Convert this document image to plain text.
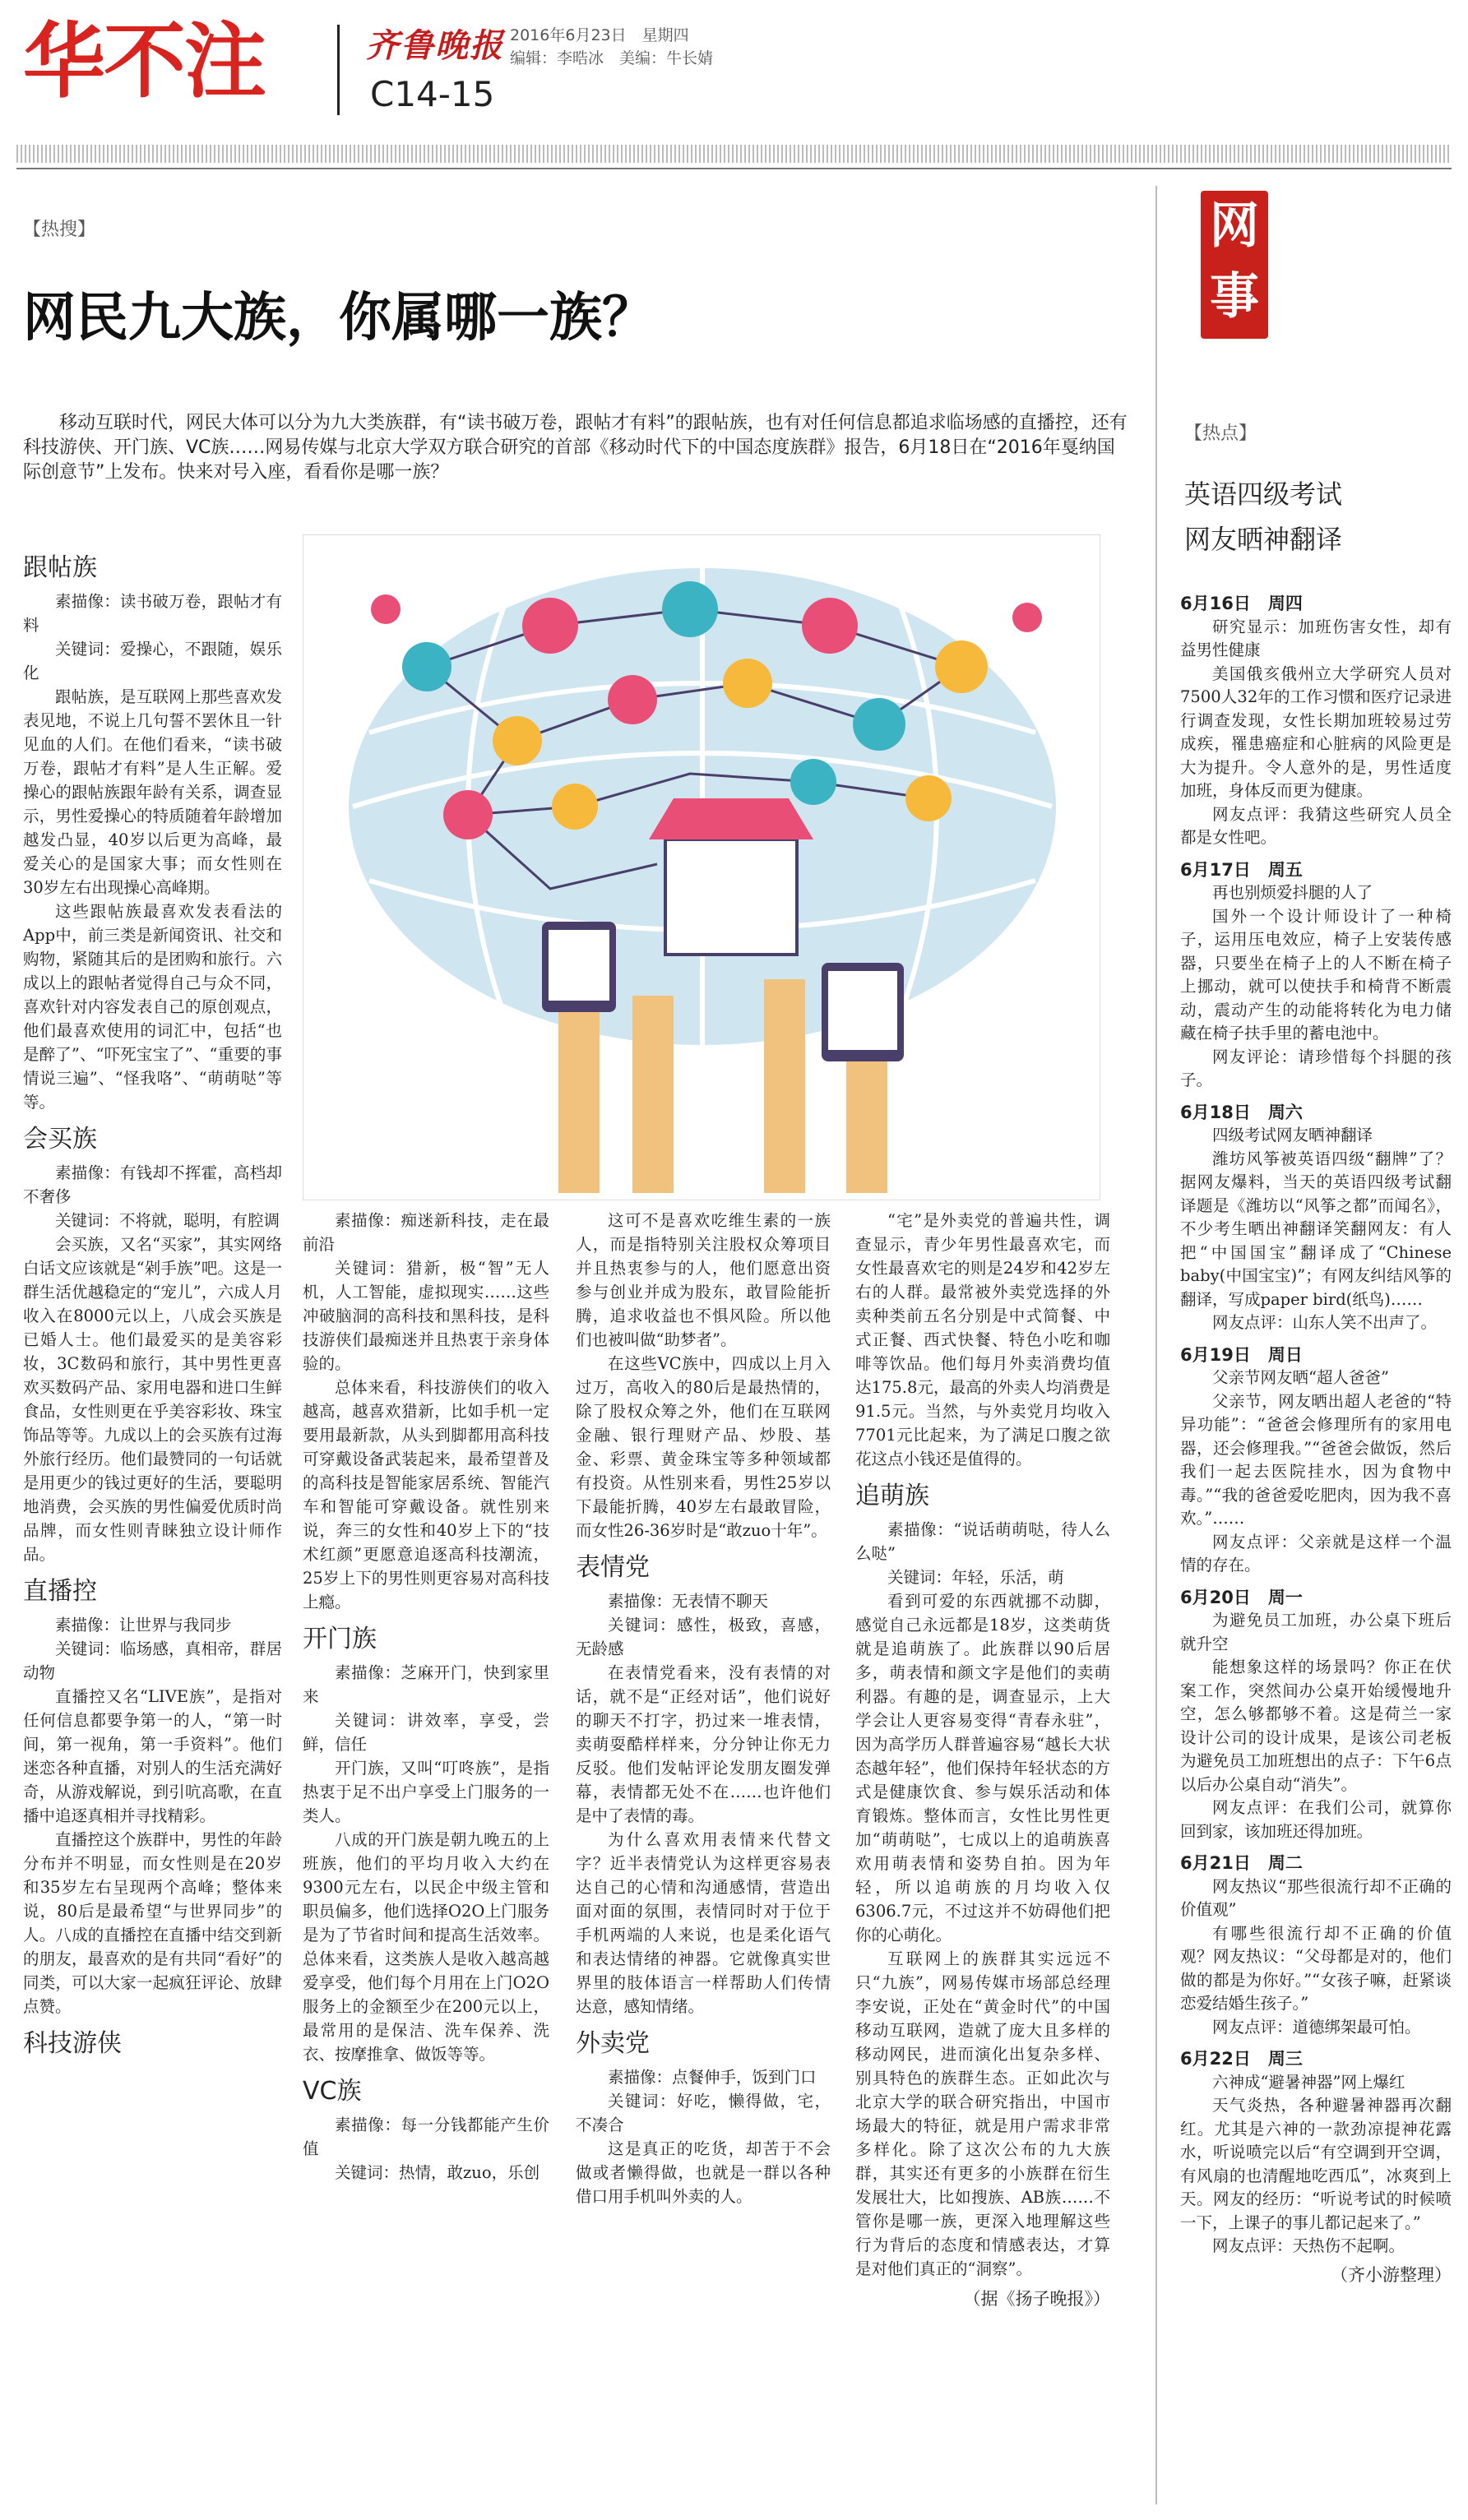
华不注	齐鲁晚报 2016年6月23日　星期四
编辑：李晧冰　美编：牛长婧
C14-15
【热搜】
网民九大族，你属哪一族？
移动互联时代，网民大体可以分为九大类族群，有“读书破万卷，跟帖才有料”的跟帖族，也有对任何信息都追求临场感的直播控，还有科技游侠、开门族、VC族……网易传媒与北京大学双方联合研究的首部《移动时代下的中国态度族群》报告，6月18日在“2016年戛纳国际创意节”上发布。快来对号入座，看看你是哪一族？
跟帖族

素描像：读书破万卷，跟帖才有料

关键词：爱操心，不跟随，娱乐化

跟帖族，是互联网上那些喜欢发表见地，不说上几句誓不罢休且一针见血的人们。在他们看来，“读书破万卷，跟帖才有料”是人生正解。爱操心的跟帖族跟年龄有关系，调查显示，男性爱操心的特质随着年龄增加越发凸显，40岁以后更为高峰，最爱关心的是国家大事；而女性则在30岁左右出现操心高峰期。

这些跟帖族最喜欢发表看法的App中，前三类是新闻资讯、社交和购物，紧随其后的是团购和旅行。六成以上的跟帖者觉得自己与众不同，喜欢针对内容发表自己的原创观点，他们最喜欢使用的词汇中，包括“也是醉了”、“吓死宝宝了”、“重要的事情说三遍”、“怪我咯”、“萌萌哒”等等。

会买族

素描像：有钱却不挥霍，高档却不奢侈

关键词：不将就，聪明，有腔调

会买族，又名“买家”，其实网络白话文应该就是“剁手族”吧。这是一群生活优越稳定的“宠儿”，六成人月收入在8000元以上，八成会买族是已婚人士。他们最爱买的是美容彩妆，3C数码和旅行，其中男性更喜欢买数码产品、家用电器和进口生鲜食品，女性则更在乎美容彩妆、珠宝饰品等等。九成以上的会买族有过海外旅行经历。他们最赞同的一句话就是用更少的钱过更好的生活，要聪明地消费，会买族的男性偏爱优质时尚品牌，而女性则青睐独立设计师作品。

直播控

素描像：让世界与我同步

关键词：临场感，真相帝，群居动物

直播控又名“LIVE族”，是指对任何信息都要争第一的人，“第一时间，第一视角，第一手资料”。他们迷恋各种直播，对别人的生活充满好奇，从游戏解说，到引吭高歌，在直播中追逐真相并寻找精彩。

直播控这个族群中，男性的年龄分布并不明显，而女性则是在20岁和35岁左右呈现两个高峰；整体来说，80后是最希望“与世界同步”的人。八成的直播控在直播中结交到新的朋友，最喜欢的是有共同“看好”的同类，可以大家一起疯狂评论、放肆点赞。

科技游侠

素描像：痴迷新科技，走在最前沿

关键词：猎新，极“智”无人机，人工智能，虚拟现实……这些冲破脑洞的高科技和黑科技，是科技游侠们最痴迷并且热衷于亲身体验的。

总体来看，科技游侠们的收入越高，越喜欢猎新，比如手机一定要用最新款，从头到脚都用高科技可穿戴设备武装起来，最希望普及的高科技是智能家居系统、智能汽车和智能可穿戴设备。就性别来说，奔三的女性和40岁上下的“技术红颜”更愿意追逐高科技潮流，25岁上下的男性则更容易对高科技上瘾。

开门族

素描像：芝麻开门，快到家里来

关键词：讲效率，享受，尝鲜，信任

开门族，又叫“叮咚族”，是指热衷于足不出户享受上门服务的一类人。

八成的开门族是朝九晚五的上班族，他们的平均月收入大约在9300元左右，以民企中级主管和职员偏多，他们选择O2O上门服务是为了节省时间和提高生活效率。总体来看，这类族人是收入越高越爱享受，他们每个月用在上门O2O服务上的金额至少在200元以上，最常用的是保洁、洗车保养、洗衣、按摩推拿、做饭等等。

VC族

素描像：每一分钱都能产生价值

关键词：热情，敢zuo，乐创

这可不是喜欢吃维生素的一族人，而是指特别关注股权众筹项目并且热衷参与的人，他们愿意出资参与创业并成为股东，敢冒险能折腾，追求收益也不惧风险。所以他们也被叫做“助梦者”。

在这些VC族中，四成以上月入过万，高收入的80后是最热情的，除了股权众筹之外，他们在互联网金融、银行理财产品、炒股、基金、彩票、黄金珠宝等多种领域都有投资。从性别来看，男性25岁以下最能折腾，40岁左右最敢冒险，而女性26-36岁时是“敢zuo十年”。

表情党

素描像：无表情不聊天

关键词：感性，极致，喜感，无龄感

在表情党看来，没有表情的对话，就不是“正经对话”，他们说好的聊天不打字，扔过来一堆表情，卖萌耍酷样样来，分分钟让你无力反驳。他们发帖评论发朋友圈发弹幕，表情都无处不在……也许他们是中了表情的毒。

为什么喜欢用表情来代替文字？近半表情党认为这样更容易表达自己的心情和沟通感情，营造出面对面的氛围，表情同时对于位于手机两端的人来说，也是柔化语气和表达情绪的神器。它就像真实世界里的肢体语言一样帮助人们传情达意，感知情绪。

外卖党

素描像：点餐伸手，饭到门口

关键词：好吃，懒得做，宅，不凑合

这是真正的吃货，却苦于不会做或者懒得做，也就是一群以各种借口用手机叫外卖的人。

“宅”是外卖党的普遍共性，调查显示，青少年男性最喜欢宅，而女性最喜欢宅的则是24岁和42岁左右的人群。最常被外卖党选择的外卖种类前五名分别是中式简餐、中式正餐、西式快餐、特色小吃和咖啡等饮品。他们每月外卖消费均值达175.8元，最高的外卖人均消费是91.5元。当然，与外卖党月均收入7701元比起来，为了满足口腹之欲花这点小钱还是值得的。

追萌族

素描像：“说话萌萌哒，待人么么哒”

关键词：年轻，乐活，萌

看到可爱的东西就挪不动脚，感觉自己永远都是18岁，这类萌货就是追萌族了。此族群以90后居多，萌表情和颜文字是他们的卖萌利器。有趣的是，调查显示，上大学会让人更容易变得“青春永驻”，因为高学历人群普遍容易“越长大状态越年轻”，他们保持年轻状态的方式是健康饮食、参与娱乐活动和体育锻炼。整体而言，女性比男性更加“萌萌哒”，七成以上的追萌族喜欢用萌表情和姿势自拍。因为年轻，所以追萌族的月均收入仅6306.7元，不过这并不妨碍他们把你的心萌化。

互联网上的族群其实远远不只“九族”，网易传媒市场部总经理李安说，正处在“黄金时代”的中国移动互联网，造就了庞大且多样的移动网民，进而演化出复杂多样、别具特色的族群生态。正如此次与北京大学的联合研究指出，中国市场最大的特征，就是用户需求非常多样化。除了这次公布的九大族群，其实还有更多的小族群在衍生发展壮大，比如搜族、AB族……不管你是哪一族，更深入地理解这些行为背后的态度和情感表达，才算是对他们真正的“洞察”。

（据《扬子晚报》）

网事
【热点】
英语四级考试
网友晒神翻译
6月16日　周四

研究显示：加班伤害女性，却有益男性健康

美国俄亥俄州立大学研究人员对7500人32年的工作习惯和医疗记录进行调查发现，女性长期加班较易过劳成疾，罹患癌症和心脏病的风险更是大为提升。令人意外的是，男性适度加班，身体反而更为健康。

网友点评：我猜这些研究人员全都是女性吧。

6月17日　周五

再也别烦爱抖腿的人了

国外一个设计师设计了一种椅子，运用压电效应，椅子上安装传感器，只要坐在椅子上的人不断在椅子上挪动，就可以使扶手和椅背不断震动，震动产生的动能将转化为电力储藏在椅子扶手里的蓄电池中。

网友评论：请珍惜每个抖腿的孩子。

6月18日　周六

四级考试网友晒神翻译

潍坊风筝被英语四级“翻牌”了？据网友爆料，当天的英语四级考试翻译题是《潍坊以“风筝之都”而闻名》，不少考生晒出神翻译笑翻网友：有人把“中国国宝”翻译成了“Chinese baby(中国宝宝)”；有网友纠结风筝的翻译，写成paper bird(纸鸟)……

网友点评：山东人笑不出声了。

6月19日　周日

父亲节网友晒“超人爸爸”

父亲节，网友晒出超人老爸的“特异功能”：“爸爸会修理所有的家用电器，还会修理我。”“爸爸会做饭，然后我们一起去医院挂水，因为食物中毒。”“我的爸爸爱吃肥肉，因为我不喜欢。”……

网友点评：父亲就是这样一个温情的存在。

6月20日　周一

为避免员工加班，办公桌下班后就升空

能想象这样的场景吗？你正在伏案工作，突然间办公桌开始缓慢地升空，怎么够都够不着。这是荷兰一家设计公司的设计成果，是该公司老板为避免员工加班想出的点子：下午6点以后办公桌自动“消失”。

网友点评：在我们公司，就算你回到家，该加班还得加班。

6月21日　周二

网友热议“那些很流行却不正确的价值观”

有哪些很流行却不正确的价值观？网友热议：“父母都是对的，他们做的都是为你好。”“女孩子嘛，赶紧谈恋爱结婚生孩子。”

网友点评：道德绑架最可怕。

6月22日　周三

六神成“避暑神器”网上爆红

天气炎热，各种避暑神器再次翻红。尤其是六神的一款劲凉提神花露水，听说喷完以后“有空调到开空调，有风扇的也清醒地吃西瓜”，冰爽到上天。网友的经历：“听说考试的时候喷一下，上课子的事儿都记起来了。”

网友点评：天热伤不起啊。

（齐小游整理）
